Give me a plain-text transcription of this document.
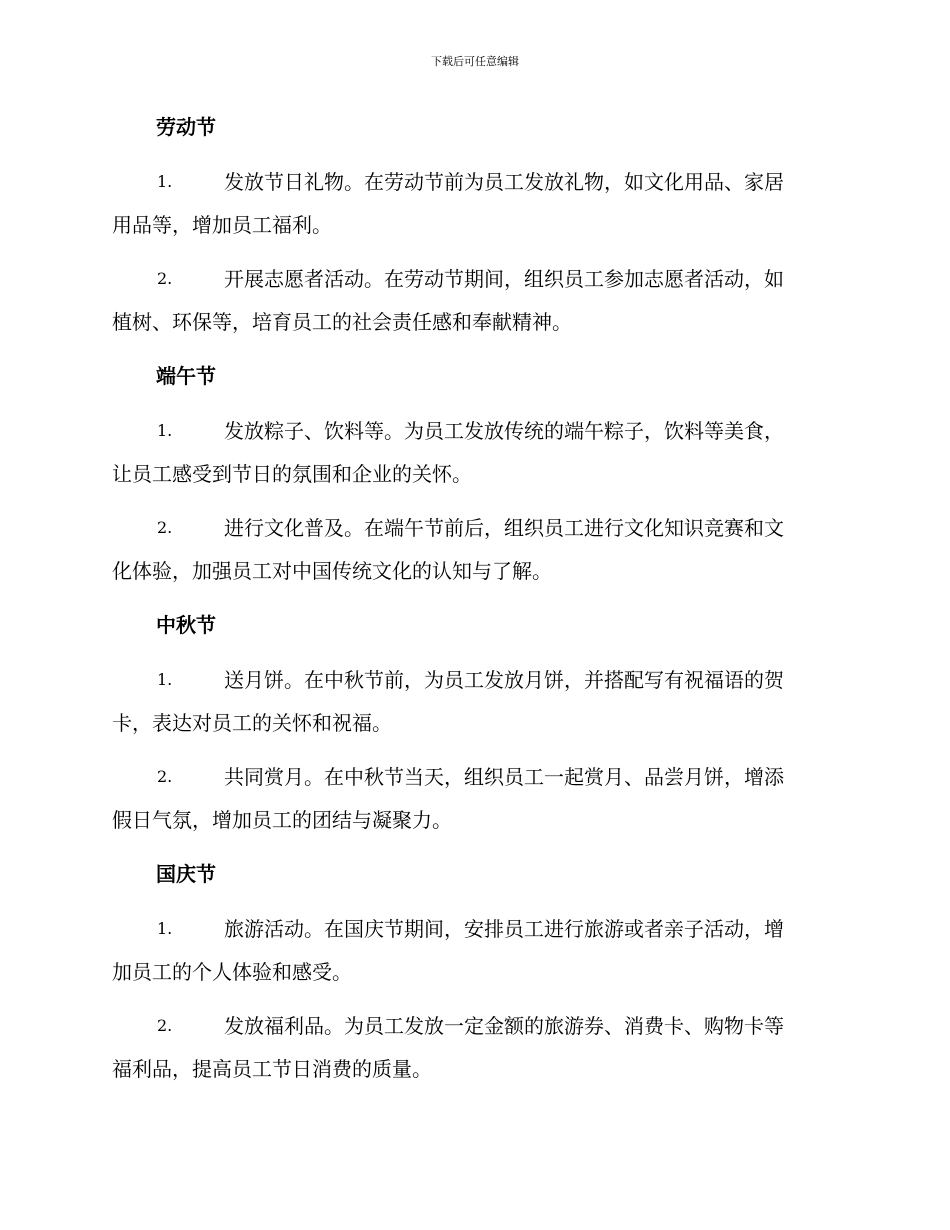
下载后可任意编辑
劳动节
1.	发放节日礼物。在劳动节前为员工发放礼物，如文化用品、家居
用品等，增加员工福利。
2.	开展志愿者活动。在劳动节期间，组织员工参加志愿者活动，如
植树、环保等，培育员工的社会责任感和奉献精神。
端午节
1.	发放粽子、饮料等。为员工发放传统的端午粽子，饮料等美食，
让员工感受到节日的氛围和企业的关怀。
2.	进行文化普及。在端午节前后，组织员工进行文化知识竞赛和文
化体验，加强员工对中国传统文化的认知与了解。
中秋节
1.	送月饼。在中秋节前，为员工发放月饼，并搭配写有祝福语的贺
卡，表达对员工的关怀和祝福。
2.	共同赏月。在中秋节当天，组织员工一起赏月、品尝月饼，增添
假日气氛，增加员工的团结与凝聚力。
国庆节
1.	旅游活动。在国庆节期间，安排员工进行旅游或者亲子活动，增
加员工的个人体验和感受。
2.	发放福利品。为员工发放一定金额的旅游券、消费卡、购物卡等
福利品，提高员工节日消费的质量。
